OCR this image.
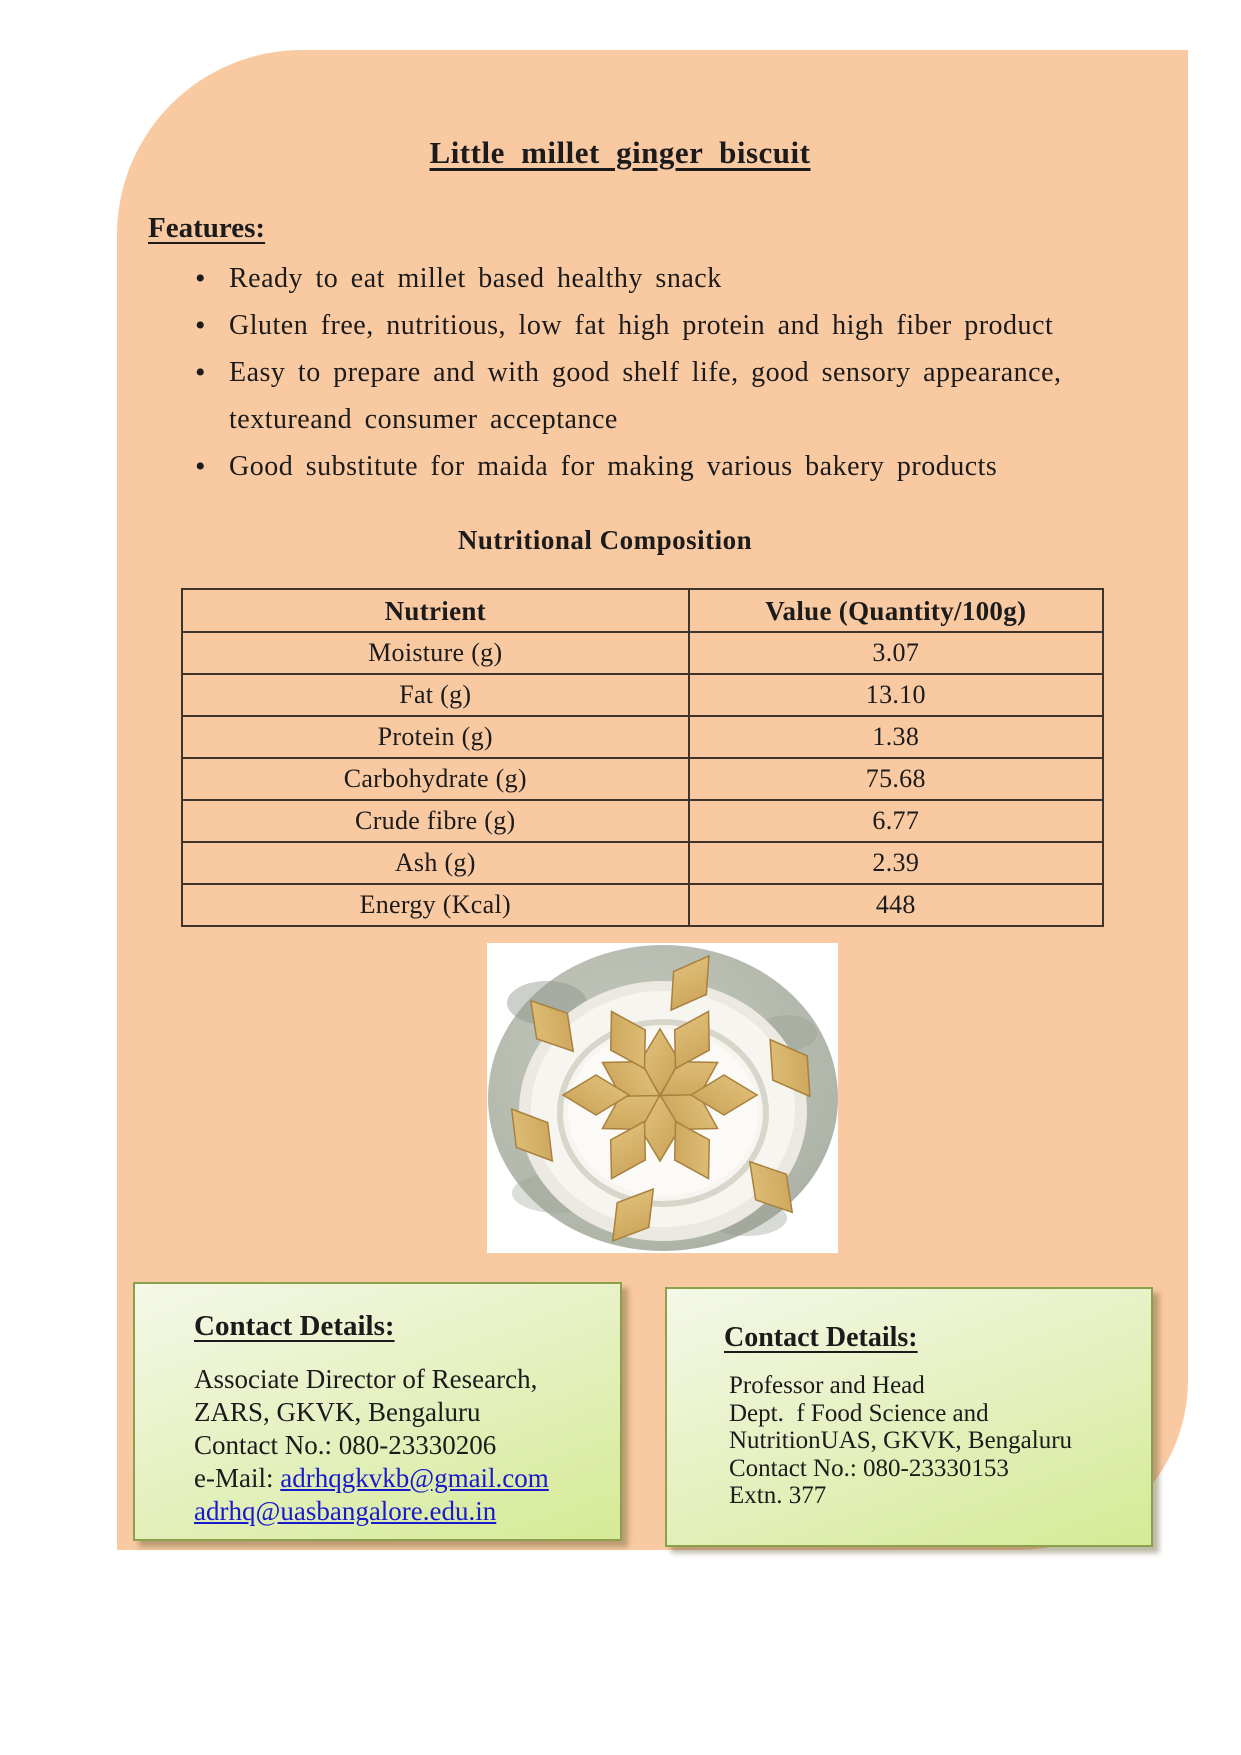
Little millet ginger biscuit
Features:
• Ready to eat millet based healthy snack
• Gluten free, nutritious, low fat high protein and high fiber product
• Easy to prepare and with good shelf life, good sensory appearance,
textureand consumer acceptance
• Good substitute for maida for making various bakery products
Nutritional Composition
Nutrient	Value (Quantity/100g)
Moisture (g)	3.07
Fat (g)	13.10
Protein (g)	1.38
Carbohydrate (g)	75.68
Crude fibre (g)	6.77
Ash (g)	2.39
Energy (Kcal)	448
Contact Details:
Associate Director of Research,
ZARS, GKVK, Bengaluru
Contact No.: 080-23330206
e-Mail: adrhqgkvkb@gmail.com
adrhq@uasbangalore.edu.in
Contact Details:
Professor and Head
Dept.  f Food Science and
NutritionUAS, GKVK, Bengaluru
Contact No.: 080-23330153
Extn. 377
